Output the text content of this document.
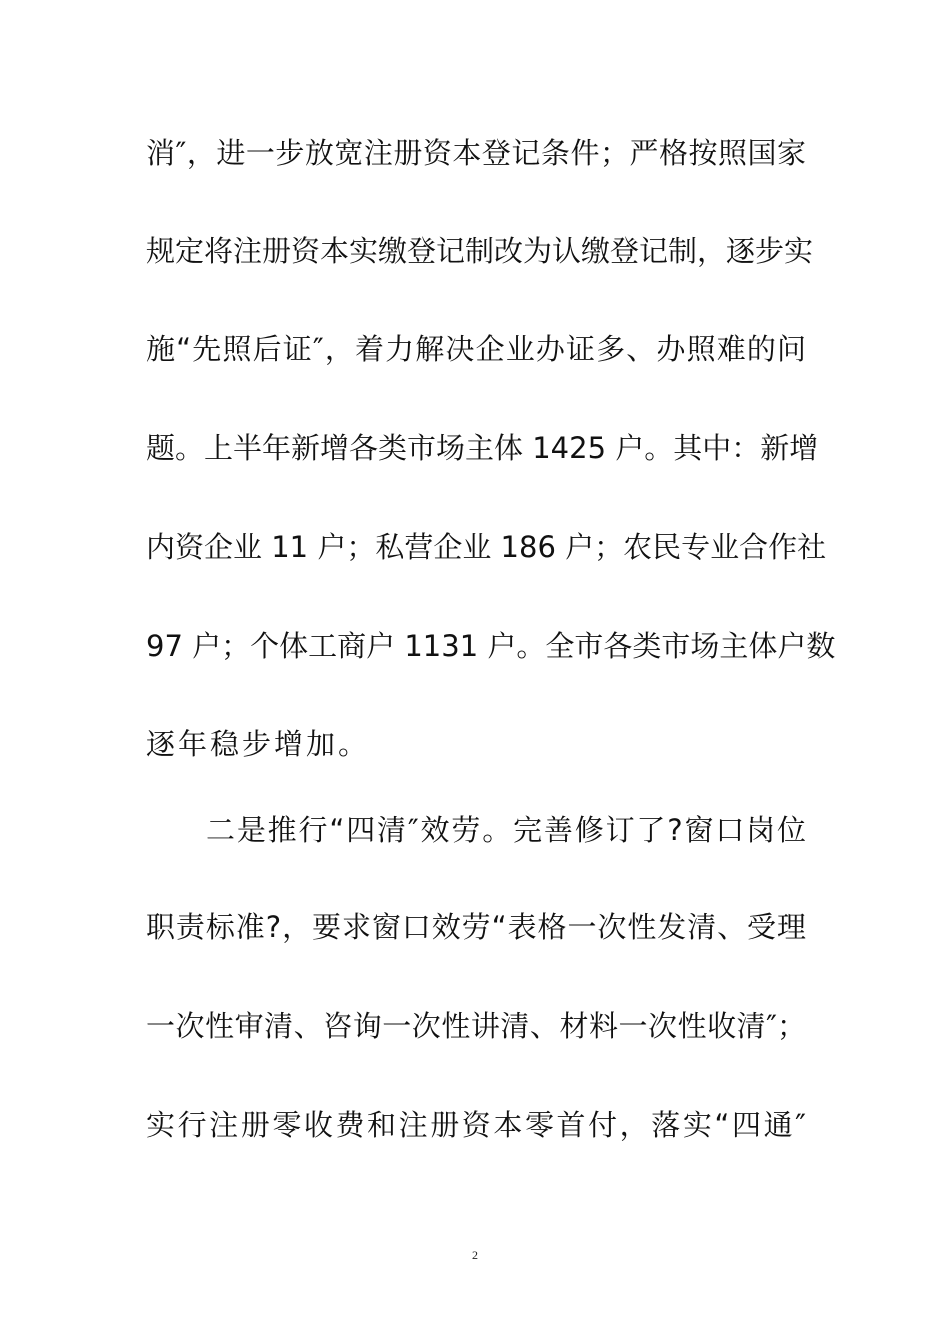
消″，进一步放宽注册资本登记条件；严格按照国家
规定将注册资本实缴登记制改为认缴登记制，逐步实
施“先照后证″，着力解决企业办证多、办照难的问
题。上半年新增各类市场主体 1425 户。其中：新增
内资企业 11 户；私营企业 186 户；农民专业合作社
97 户；个体工商户 1131 户。全市各类市场主体户数
逐年稳步增加。
二是推行“四清″效劳。完善修订了?窗口岗位
职责标准?，要求窗口效劳“表格一次性发清、受理
一次性审清、咨询一次性讲清、材料一次性收清″；
实行注册零收费和注册资本零首付，落实“四通″
2
